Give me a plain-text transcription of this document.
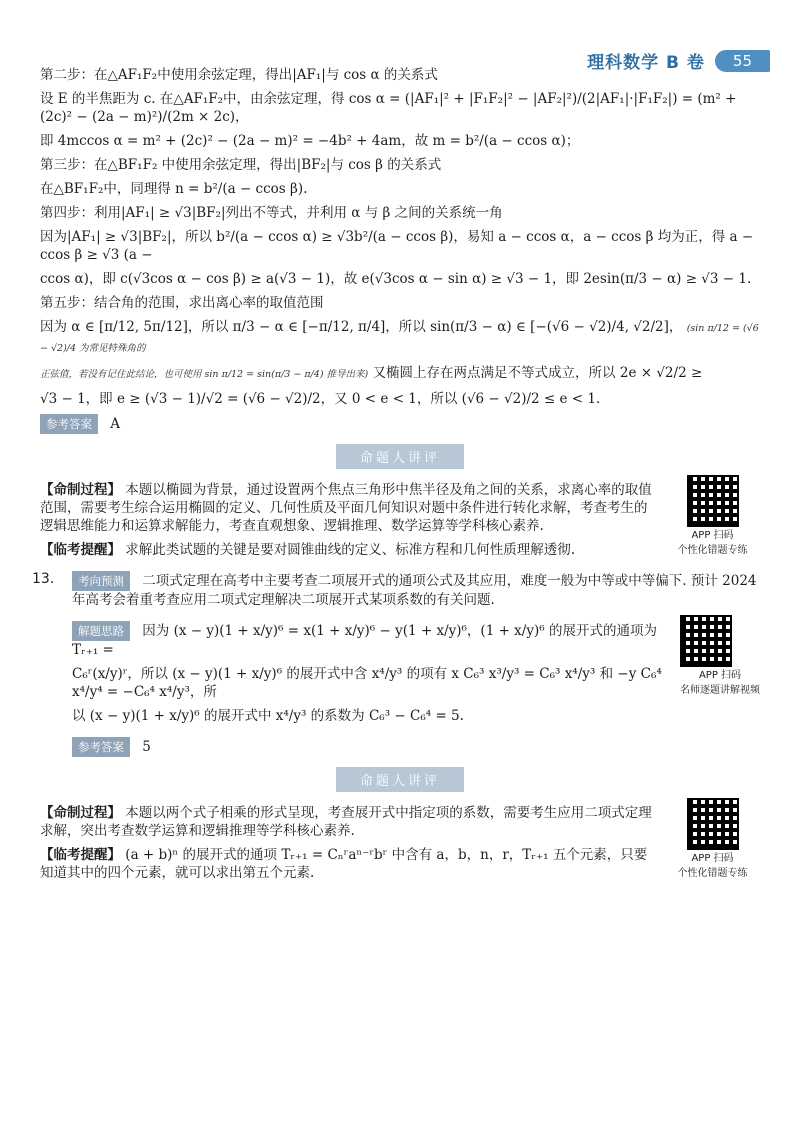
理科数学 B 卷	55
第二步：在△AF₁F₂中使用余弦定理，得出|AF₁|与 cos α 的关系式
设 E 的半焦距为 c. 在△AF₁F₂中，由余弦定理，得 cos α = (|AF₁|² + |F₁F₂|² − |AF₂|²)/(2|AF₁|·|F₁F₂|) = (m² + (2c)² − (2a − m)²)/(2m × 2c)，
即 4mccos α = m² + (2c)² − (2a − m)² = −4b² + 4am，故 m = b²/(a − ccos α)；
第三步：在△BF₁F₂ 中使用余弦定理，得出|BF₂|与 cos β 的关系式
在△BF₁F₂中，同理得 n = b²/(a − ccos β).
第四步：利用|AF₁| ≥ √3|BF₂|列出不等式，并利用 α 与 β 之间的关系统一角
因为|AF₁| ≥ √3|BF₂|，所以 b²/(a − ccos α) ≥ √3b²/(a − ccos β)，易知 a − ccos α，a − ccos β 均为正，得 a − ccos β ≥ √3 (a −
ccos α)，即 c(√3cos α − cos β) ≥ a(√3 − 1)，故 e(√3cos α − sin α) ≥ √3 − 1，即 2esin(π/3 − α) ≥ √3 − 1.
第五步：结合角的范围，求出离心率的取值范围
因为 α ∈ [π/12, 5π/12]，所以 π/3 − α ∈ [−π/12, π/4]，所以 sin(π/3 − α) ∈ [−(√6 − √2)/4, √2/2]， (sin π/12 = (√6 − √2)/4 为常见特殊角的
正弦值，若没有记住此结论，也可使用 sin π/12 = sin(π/3 − π/4) 推导出来) 又椭圆上存在两点满足不等式成立，所以 2e × √2/2 ≥
√3 − 1，即 e ≥ (√3 − 1)/√2 = (√6 − √2)/2，又 0 < e < 1，所以 (√6 − √2)/2 ≤ e < 1.
参考答案 A
命题人讲评
【命制过程】 本题以椭圆为背景，通过设置两个焦点三角形中焦半径及角之间的关系，求离心率的取值范围，需要考生综合运用椭圆的定义、几何性质及平面几何知识对题中条件进行转化求解，考查考生的逻辑思维能力和运算求解能力，考查直观想象、逻辑推理、数学运算等学科核心素养.
【临考提醒】 求解此类试题的关键是要对圆锥曲线的定义、标准方程和几何性质理解透彻.
APP 扫码
个性化错题专练
13.	考向预测 二项式定理在高考中主要考查二项展开式的通项公式及其应用，难度一般为中等或中等偏下. 预计 2024 年高考会着重考查应用二项式定理解决二项展开式某项系数的有关问题.
解题思路 因为 (x − y)(1 + x/y)⁶ = x(1 + x/y)⁶ − y(1 + x/y)⁶，(1 + x/y)⁶ 的展开式的通项为 Tᵣ₊₁ =
C₆ʳ(x/y)ʳ，所以 (x − y)(1 + x/y)⁶ 的展开式中含 x⁴/y³ 的项有 x C₆³ x³/y³ = C₆³ x⁴/y³ 和 −y C₆⁴ x⁴/y⁴ = −C₆⁴ x⁴/y³，所
以 (x − y)(1 + x/y)⁶ 的展开式中 x⁴/y³ 的系数为 C₆³ − C₆⁴ = 5.
APP 扫码
名师逐题讲解视频
参考答案 5
命题人讲评
【命制过程】 本题以两个式子相乘的形式呈现，考查展开式中指定项的系数，需要考生应用二项式定理求解，突出考查数学运算和逻辑推理等学科核心素养.
【临考提醒】 (a + b)ⁿ 的展开式的通项 Tᵣ₊₁ = Cₙʳaⁿ⁻ʳbʳ 中含有 a，b，n，r，Tᵣ₊₁ 五个元素，只要知道其中的四个元素，就可以求出第五个元素.
APP 扫码
个性化错题专练
